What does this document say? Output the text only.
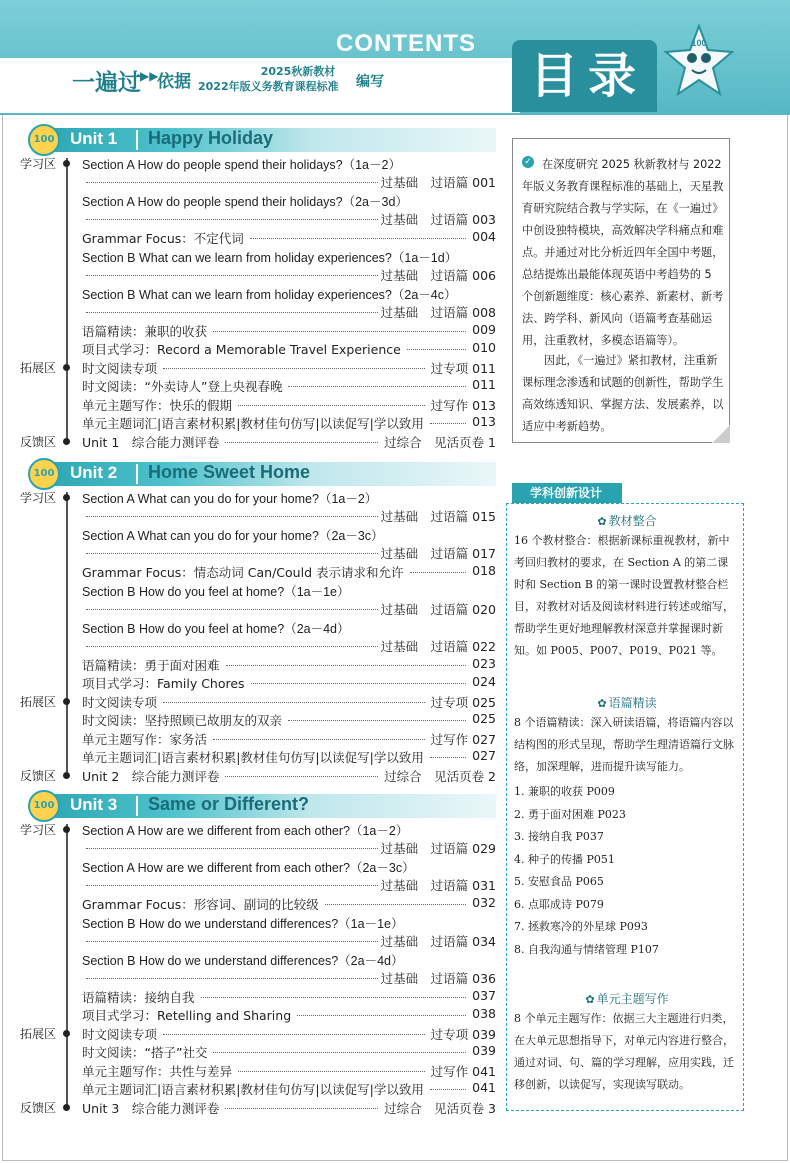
CONTENTS
目录
100
一遍过 ▶▶
依据
2025秋新教材
2022年版义务教育课程标准 编写
100 Unit 1 Happy Holiday
学习区
拓展区
反馈区
Section A How do people spend their holidays?（1a－2）
过基础　过语篇 001
Section A How do people spend their holidays?（2a－3d）
过基础　过语篇 003
Grammar Focus：不定代词	004
Section B What can we learn from holiday experiences?（1a－1d）
过基础　过语篇 006
Section B What can we learn from holiday experiences?（2a－4c）
过基础　过语篇 008
语篇精读：兼职的收获	009
项目式学习：Record a Memorable Travel Experience	010
时文阅读专项	过专项 011
时文阅读：“外卖诗人”登上央视春晚	011
单元主题写作：快乐的假期	过写作 013
单元主题词汇|语言素材积累|教材佳句仿写|以读促写|学以致用	013
Unit 1　综合能力测评卷	过综合　见活页卷 1
100 Unit 2 Home Sweet Home
学习区
拓展区
反馈区
Section A What can you do for your home?（1a－2）
过基础　过语篇 015
Section A What can you do for your home?（2a－3c）
过基础　过语篇 017
Grammar Focus：情态动词 Can/Could 表示请求和允许	018
Section B How do you feel at home?（1a－1e）
过基础　过语篇 020
Section B How do you feel at home?（2a－4d）
过基础　过语篇 022
语篇精读：勇于面对困难	023
项目式学习：Family Chores	024
时文阅读专项	过专项 025
时文阅读：坚持照顾已故朋友的双亲	025
单元主题写作：家务活	过写作 027
单元主题词汇|语言素材积累|教材佳句仿写|以读促写|学以致用	027
Unit 2　综合能力测评卷	过综合　见活页卷 2
100 Unit 3 Same or Different?
学习区
拓展区
反馈区
Section A How are we different from each other?（1a－2）
过基础　过语篇 029
Section A How are we different from each other?（2a－3c）
过基础　过语篇 031
Grammar Focus：形容词、副词的比较级	032
Section B How do we understand differences?（1a－1e）
过基础　过语篇 034
Section B How do we understand differences?（2a－4d）
过基础　过语篇 036
语篇精读：接纳自我	037
项目式学习：Retelling and Sharing	038
时文阅读专项	过专项 039
时文阅读：“搭子”社交	039
单元主题写作：共性与差异	过写作 041
单元主题词汇|语言素材积累|教材佳句仿写|以读促写|学以致用	041
Unit 3　综合能力测评卷	过综合　见活页卷 3
✓ 在深度研究 2025 秋新教材与 2022 年版义务教育课程标准的基础上，天星教育研究院结合教与学实际，在《一遍过》中创设独特模块，高效解决学科痛点和难点。并通过对比分析近四年全国中考题，总结提炼出最能体现英语中考趋势的 5 个创新题维度：核心素养、新素材、新考法、跨学科、新风向（语篇考查基础运用，注重教材，多模态语篇等）。
因此，《一遍过》紧扣教材，注重新课标理念渗透和试题的创新性，帮助学生高效练透知识、掌握方法、发展素养，以适应中考新趋势。
学科创新设计
✿ 教材整合
16 个教材整合：根据新课标重视教材，新中考回归教材的要求，在 Section A 的第二课时和 Section B 的第一课时设置教材整合栏目，对教材对话及阅读材料进行转述或缩写，帮助学生更好地理解教材深意并掌握课时新知。如 P005、P007、P019、P021 等。
✿ 语篇精读
8 个语篇精读：深入研读语篇，将语篇内容以结构图的形式呈现，帮助学生理清语篇行文脉络，加深理解，进而提升读写能力。
1. 兼职的收获 P009
2. 勇于面对困难 P023
3. 接纳自我 P037
4. 种子的传播 P051
5. 安慰食品 P065
6. 点耶成诗 P079
7. 拯救寒冷的外星球 P093
8. 自我沟通与情绪管理 P107
✿ 单元主题写作
8 个单元主题写作：依据三大主题进行归类，在大单元思想指导下，对单元内容进行整合，通过对词、句、篇的学习理解，应用实践，迁移创新，以读促写，实现读写联动。
